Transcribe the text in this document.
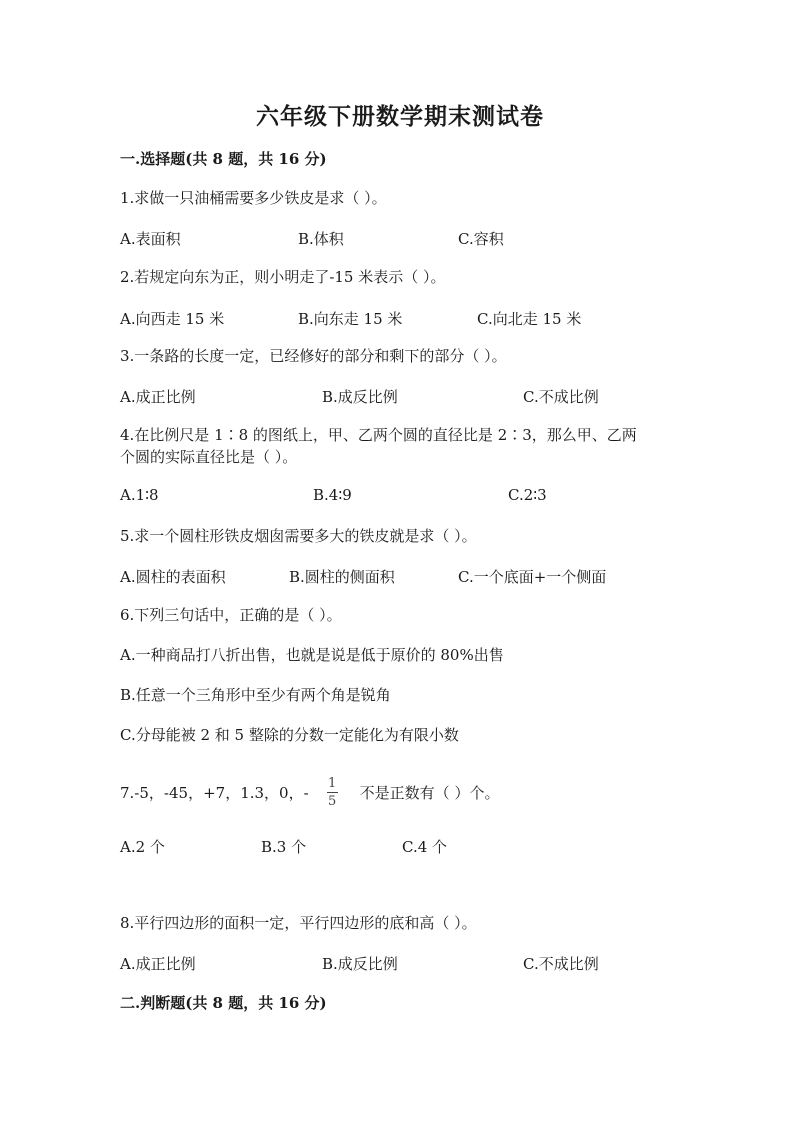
六年级下册数学期末测试卷
一.选择题(共 8 题，共 16 分)
1.求做一只油桶需要多少铁皮是求（ ）。
A.表面积	B.体积	C.容积
2.若规定向东为正，则小明走了-15 米表示（ ）。
A.向西走 15 米	B.向东走 15 米	C.向北走 15 米
3.一条路的长度一定，已经修好的部分和剩下的部分（ ）。
A.成正比例	B.成反比例	C.不成比例
4.在比例尺是 1∶8 的图纸上，甲、乙两个圆的直径比是 2∶3，那么甲、乙两
个圆的实际直径比是（ ）。
A.1∶8	B.4∶9	C.2∶3
5.求一个圆柱形铁皮烟囱需要多大的铁皮就是求（ ）。
A.圆柱的表面积	B.圆柱的侧面积	C.一个底面+一个侧面
6.下列三句话中，正确的是（ ）。
A.一种商品打八折出售，也就是说是低于原价的 80%出售
B.任意一个三角形中至少有两个角是锐角
C.分母能被 2 和 5 整除的分数一定能化为有限小数
7.-5，-45，+7，1.3，0，- $\frac{1}{5}$ 不是正数有（ ）个。
A.2 个	B.3 个	C.4 个
8.平行四边形的面积一定，平行四边形的底和高（ ）。
A.成正比例	B.成反比例	C.不成比例
二.判断题(共 8 题，共 16 分)
